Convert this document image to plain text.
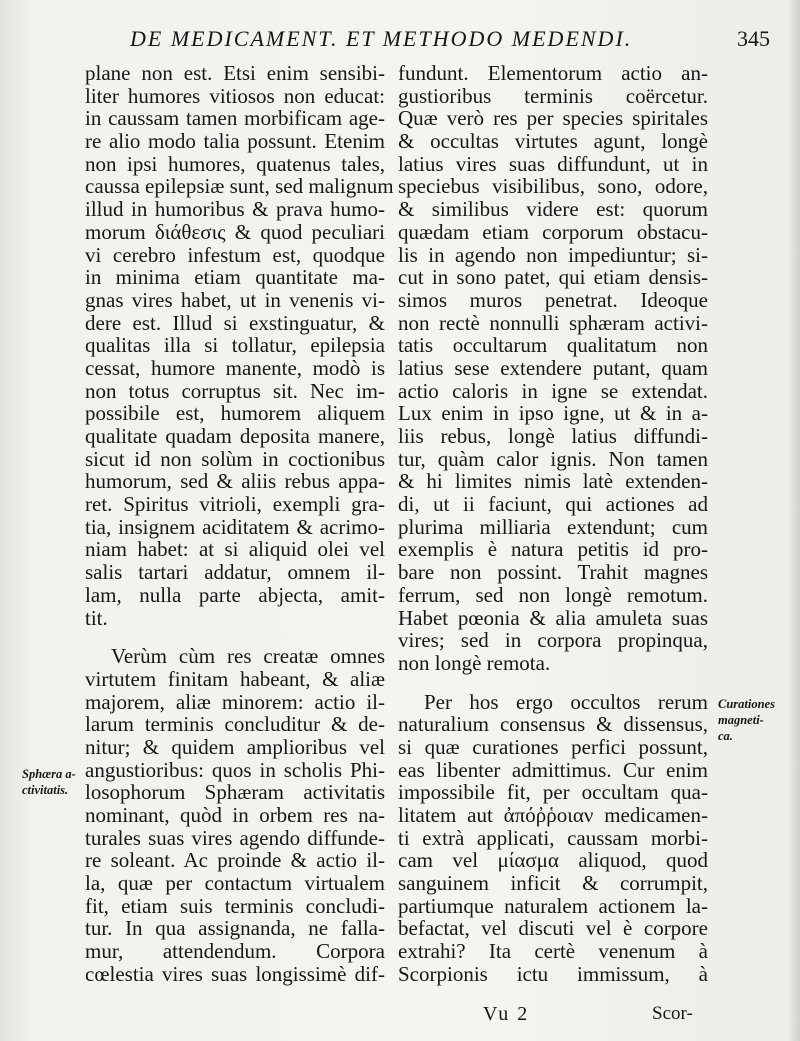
DE MEDICAMENT. ET METHODO MEDENDI.	345
plane non est. Etsi enim sensibi-
liter humores vitiosos non educat:
in caussam tamen morbificam age-
re alio modo talia possunt. Etenim
non ipsi humores, quatenus tales,
caussa epilepsiæ sunt, sed malignum
illud in humoribus & prava humo-
morum διάθεσις & quod peculiari
vi cerebro infestum est, quodque
in minima etiam quantitate ma-
gnas vires habet, ut in venenis vi-
dere est. Illud si exstinguatur, &
qualitas illa si tollatur, epilepsia
cessat, humore manente, modò is
non totus corruptus sit. Nec im-
possibile est, humorem aliquem
qualitate quadam deposita manere,
sicut id non solùm in coctionibus
humorum, sed & aliis rebus appa-
ret. Spiritus vitrioli, exempli gra-
tia, insignem aciditatem & acrimo-
niam habet: at si aliquid olei vel
salis tartari addatur, omnem il-
lam, nulla parte abjecta, amit-
tit.
Verùm cùm res creatæ omnes
virtutem finitam habeant, & aliæ
majorem, aliæ minorem: actio il-
larum terminis concluditur & de-
nitur; & quidem amplioribus vel
angustioribus: quos in scholis Phi-
losophorum Sphæram activitatis
nominant, quòd in orbem res na-
turales suas vires agendo diffunde-
re soleant. Ac proinde & actio il-
la, quæ per contactum virtualem
fit, etiam suis terminis concludi-
tur. In qua assignanda, ne falla-
mur, attendendum. Corpora
cœlestia vires suas longissimè dif-
fundunt. Elementorum actio an-
gustioribus terminis coërcetur.
Quæ verò res per species spiritales
& occultas virtutes agunt, longè
latius vires suas diffundunt, ut in
speciebus visibilibus, sono, odore,
& similibus videre est: quorum
quædam etiam corporum obstacu-
lis in agendo non impediuntur; si-
cut in sono patet, qui etiam densis-
simos muros penetrat. Ideoque
non rectè nonnulli sphæram activi-
tatis occultarum qualitatum non
latius sese extendere putant, quam
actio caloris in igne se extendat.
Lux enim in ipso igne, ut & in a-
liis rebus, longè latius diffundi-
tur, quàm calor ignis. Non tamen
& hi limites nimis latè extenden-
di, ut ii faciunt, qui actiones ad
plurima milliaria extendunt; cum
exemplis è natura petitis id pro-
bare non possint. Trahit magnes
ferrum, sed non longè remotum.
Habet pœonia & alia amuleta suas
vires; sed in corpora propinqua,
non longè remota.
Per hos ergo occultos rerum
naturalium consensus & dissensus,
si quæ curationes perfici possunt,
eas libenter admittimus. Cur enim
impossibile fit, per occultam qua-
litatem aut ἀπόῤῥοιαν medicamen-
ti extrà applicati, caussam morbi-
cam vel μίασμα aliquod, quod
sanguinem inficit & corrumpit,
partiumque naturalem actionem la-
befactat, vel discuti vel è corpore
extrahi? Ita certè venenum à
Scorpionis ictu immissum, à
Sphæra a-
ctivitatis.
Curationes
magneti-
ca.
Vu 2	Scor-
